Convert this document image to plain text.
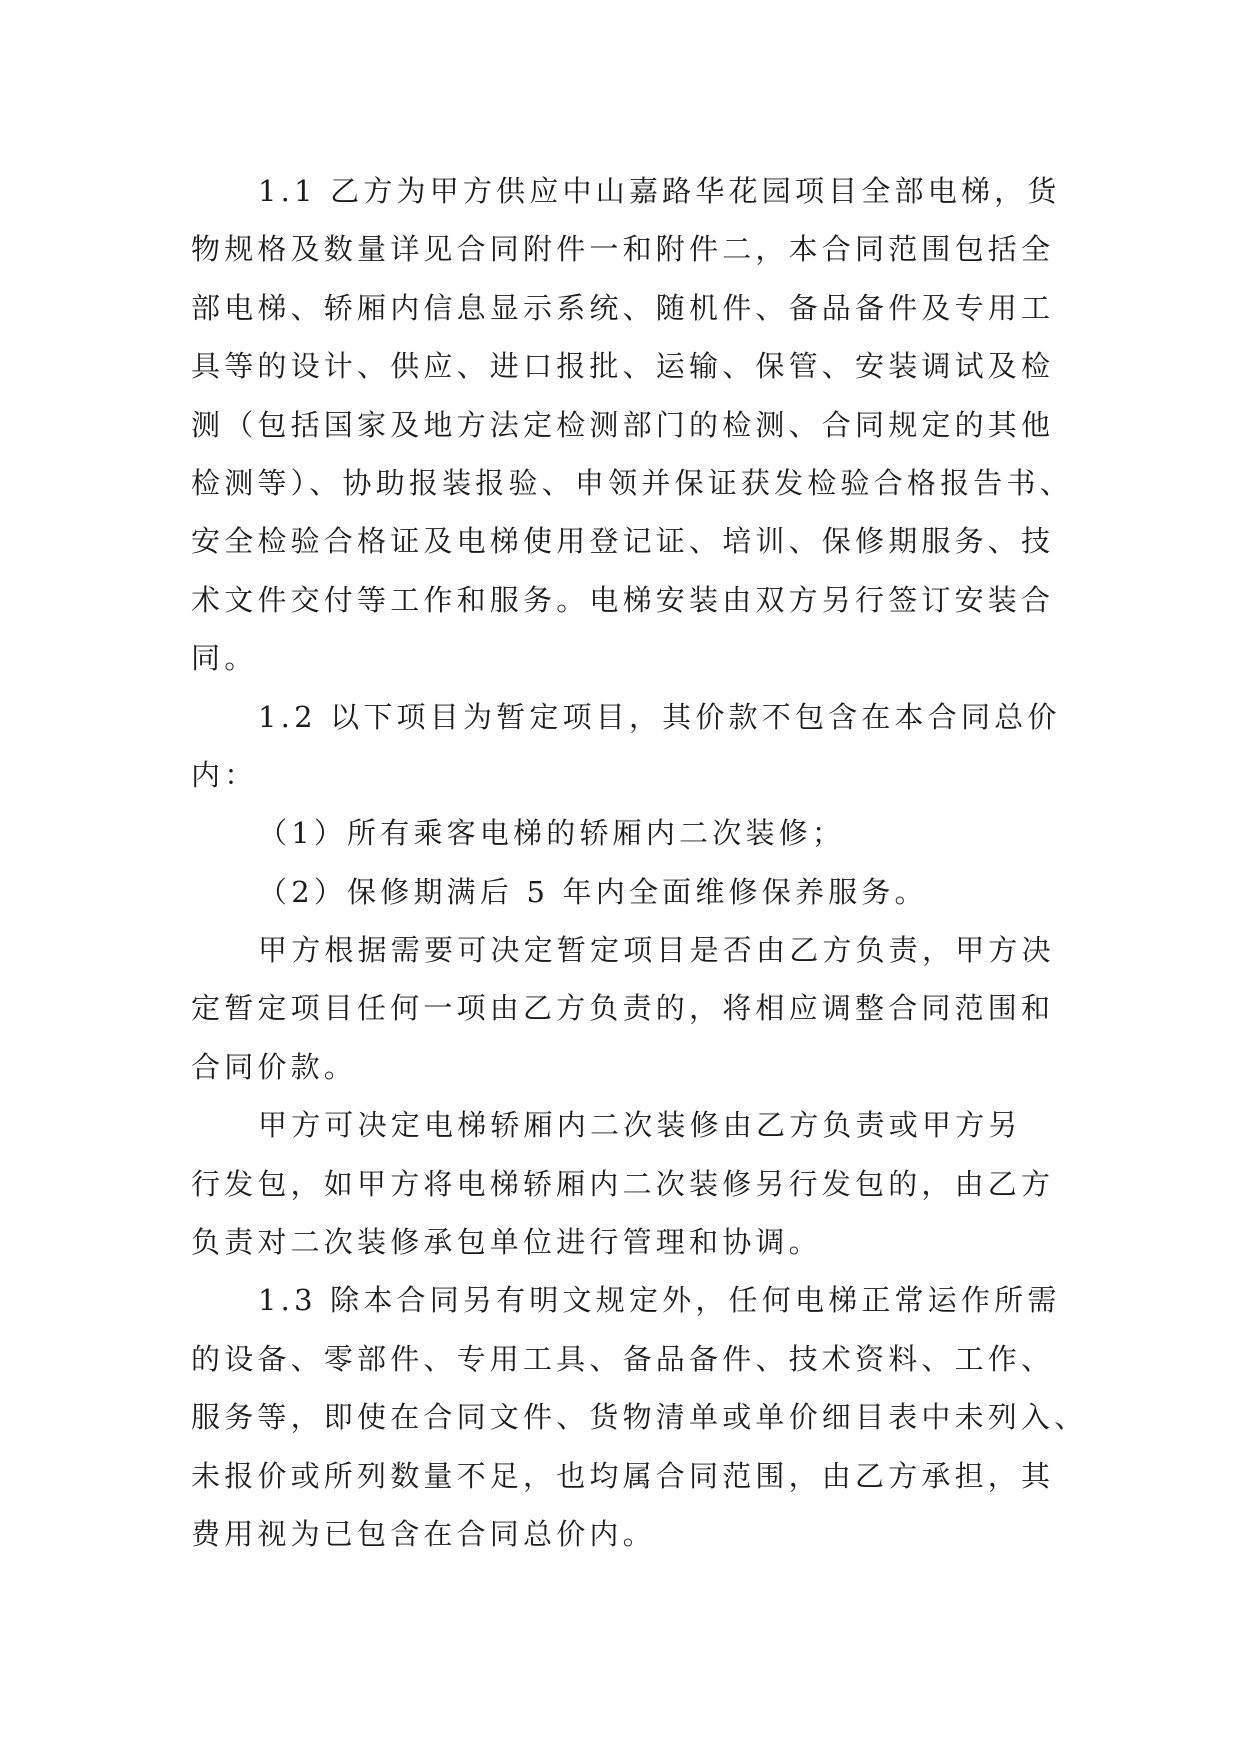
1.1 乙方为甲方供应中山嘉路华花园项目全部电梯，货
物规格及数量详见合同附件一和附件二，本合同范围包括全
部电梯、轿厢内信息显示系统、随机件、备品备件及专用工
具等的设计、供应、进口报批、运输、保管、安装调试及检
测（包括国家及地方法定检测部门的检测、合同规定的其他
检测等）、协助报装报验、申领并保证获发检验合格报告书、
安全检验合格证及电梯使用登记证、培训、保修期服务、技
术文件交付等工作和服务。电梯安装由双方另行签订安装合
同。
1.2 以下项目为暂定项目，其价款不包含在本合同总价
内：
（1）所有乘客电梯的轿厢内二次装修；
（2）保修期满后 5 年内全面维修保养服务。
甲方根据需要可决定暂定项目是否由乙方负责，甲方决
定暂定项目任何一项由乙方负责的，将相应调整合同范围和
合同价款。
甲方可决定电梯轿厢内二次装修由乙方负责或甲方另
行发包，如甲方将电梯轿厢内二次装修另行发包的，由乙方
负责对二次装修承包单位进行管理和协调。
1.3 除本合同另有明文规定外，任何电梯正常运作所需
的设备、零部件、专用工具、备品备件、技术资料、工作、
服务等，即使在合同文件、货物清单或单价细目表中未列入、
未报价或所列数量不足，也均属合同范围，由乙方承担，其
费用视为已包含在合同总价内。
